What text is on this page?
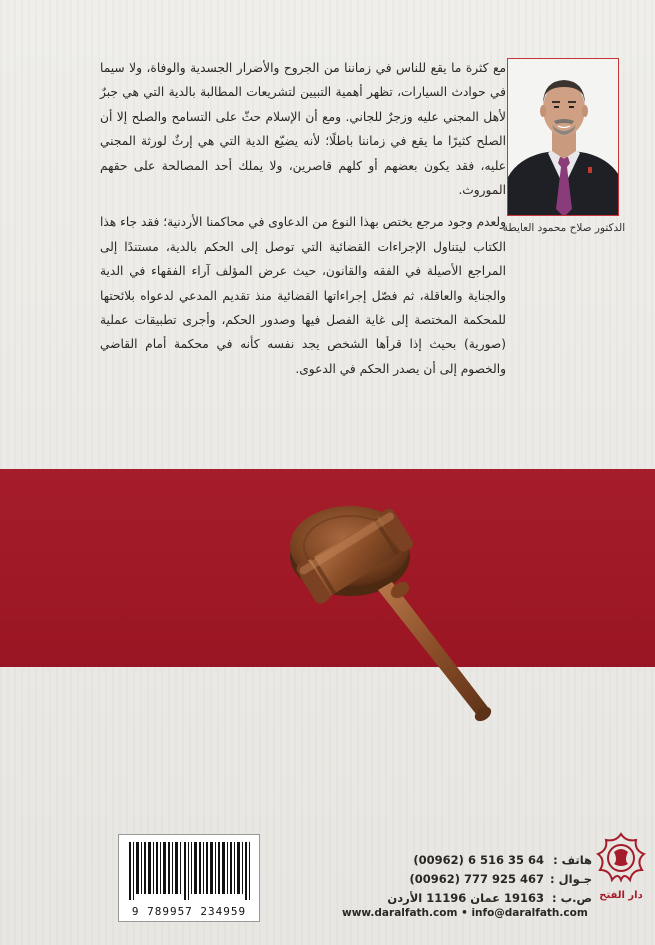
الدكتور صلاح محمود العايطة

مع كثرة ما يقع للناس في زماننا من الجروح والأضرار الجسدية والوفاة، ولا سيما في حوادث السيارات، تظهر أهمية التبيين لتشريعات المطالبة بالدية التي هي جبرٌ لأهل المجني عليه وزجرٌ للجاني. ومع أن الإسلام حثّ على التسامح والصلح إلا أن الصلح كثيرًا ما يقع في زماننا باطلًا؛ لأنه يضيّع الدية التي هي إرثٌ لورثة المجني عليه، فقد يكون بعضهم أو كلهم قاصرين، ولا يملك أحد المصالحة على حقهم الموروث.

ولعدم وجود مرجع يختص بهذا النوع من الدعاوى في محاكمنا الأردنية؛ فقد جاء هذا الكتاب ليتناول الإجراءات القضائية التي توصل إلى الحكم بالدية، مستندًا إلى المراجع الأصيلة في الفقه والقانون، حيث عرض المؤلف آراء الفقهاء في الدية والجناية والعاقلة، ثم فصّل إجراءاتها القضائية منذ تقديم المدعي لدعواه بلائحتها للمحكمة المختصة إلى غاية الفصل فيها وصدور الحكم، وأجرى تطبيقات عملية (صورية) بحيث إذا قرأها الشخص يجد نفسه كأنه في محكمة أمام القاضي والخصوم إلى أن يصدر الحكم في الدعوى.

9 789957 234959
هاتف : (00962) 6 516 35 64
جـوال : (00962) 777 925 467
ص.ب : 19163 عمان 11196 الأردن
www.daralfath.com • info@daralfath.com
دار الفتح
